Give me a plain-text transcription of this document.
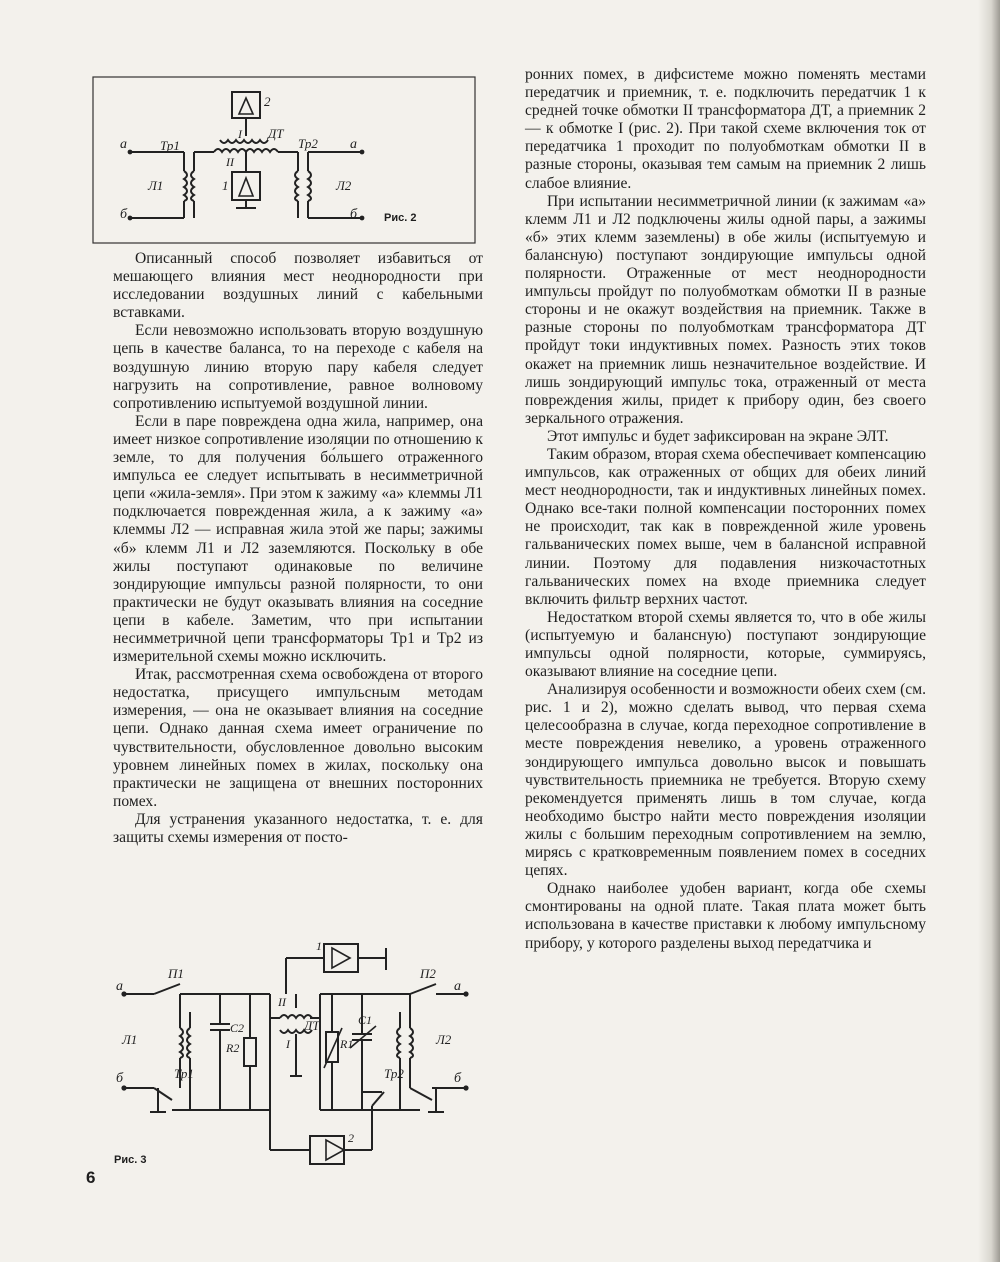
а
б
а
б
Тр1	Тр2
Л1	Л2
ДТ
I
II
1
2
Рис. 2

Описанный способ позволяет избавиться от мешающего влияния мест неоднородности при исследовании воздушных линий с кабельными вставками.

Если невозможно использовать вторую воздушную цепь в качестве баланса, то на переходе с кабеля на воздушную линию вторую пару кабеля следует нагрузить на сопротивление, равное волновому сопротивлению испытуемой воздушной линии.

Если в паре повреждена одна жила, например, она имеет низкое сопротивление изоляции по отношению к земле, то для получения бо́льшего отраженного импульса ее следует испытывать в несимметричной цепи «жила-земля». При этом к зажиму «а» клеммы Л1 подключается поврежденная жила, а к зажиму «а» клеммы Л2 — исправная жила этой же пары; зажимы «б» клемм Л1 и Л2 заземляются. Поскольку в обе жилы поступают одинаковые по величине зондирующие импульсы разной полярности, то они практически не будут оказывать влияния на соседние цепи в кабеле. Заметим, что при испытании несимметричной цепи трансформаторы Тр1 и Тр2 из измерительной схемы можно исключить.

Итак, рассмотренная схема освобождена от второго недостатка, присущего импульсным методам измерения, — она не оказывает влияния на соседние цепи. Однако данная схема имеет ограничение по чувствительности, обусловленное довольно высоким уровнем линейных помех в жилах, поскольку она практически не защищена от внешних посторонних помех.

Для устранения указанного недостатка, т. е. для защиты схемы измерения от посто-

а
б
а
б
П1	П2
Тр1	Тр2
Л1	Л2
ДТ	С1
С2
R1
R2	I
II
1
2
Рис. 3

ронних помех, в дифсистеме можно поменять местами передатчик и приемник, т. е. подключить передатчик 1 к средней точке обмотки II трансформатора ДТ, а приемник 2 — к обмотке I (рис. 2). При такой схеме включения ток от передатчика 1 проходит по полуобмоткам обмотки II в разные стороны, оказывая тем самым на приемник 2 лишь слабое влияние.

При испытании несимметричной линии (к зажимам «а» клемм Л1 и Л2 подключены жилы одной пары, а зажимы «б» этих клемм заземлены) в обе жилы (испытуемую и балансную) поступают зондирующие импульсы одной полярности. Отраженные от мест неоднородности импульсы пройдут по полуобмоткам обмотки II в разные стороны и не окажут воздействия на приемник. Также в разные стороны по полуобмоткам трансформатора ДТ пройдут токи индуктивных помех. Разность этих токов окажет на приемник лишь незначительное воздействие. И лишь зондирующий импульс тока, отраженный от места повреждения жилы, придет к прибору один, без своего зеркального отражения.

Этот импульс и будет зафиксирован на экране ЭЛТ.

Таким образом, вторая схема обеспечивает компенсацию импульсов, как отраженных от общих для обеих линий мест неоднородности, так и индуктивных линейных помех. Однако все-таки полной компенсации посторонних помех не происходит, так как в поврежденной жиле уровень гальванических помех выше, чем в балансной исправной линии. Поэтому для подавления низкочастотных гальванических помех на входе приемника следует включить фильтр верхних частот.

Недостатком второй схемы является то, что в обе жилы (испытуемую и балансную) поступают зондирующие импульсы одной полярности, которые, суммируясь, оказывают влияние на соседние цепи.

Анализируя особенности и возможности обеих схем (см. рис. 1 и 2), можно сделать вывод, что первая схема целесообразна в случае, когда переходное сопротивление в месте повреждения невелико, а уровень отраженного зондирующего импульса довольно высок и повышать чувствительность приемника не требуется. Вторую схему рекомендуется применять лишь в том случае, когда необходимо быстро найти место повреждения изоляции жилы с большим переходным сопротивлением на землю, мирясь с кратковременным появлением помех в соседних цепях.

Однако наиболее удобен вариант, когда обе схемы смонтированы на одной плате. Такая плата может быть использована в качестве приставки к любому импульсному прибору, у которого разделены выход передатчика и

6
